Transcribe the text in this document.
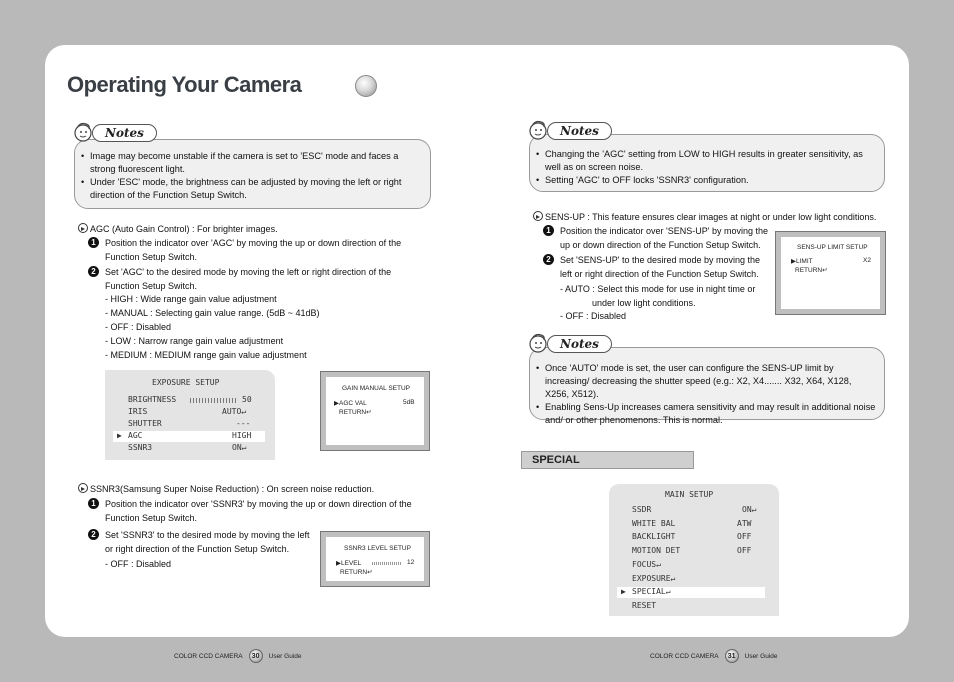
Operating Your Camera
• Image may become unstable if the camera is set to 'ESC' mode and faces a strong fluorescent light.
• Under 'ESC' mode, the brightness can be adjusted by moving the left or right direction of the Function Setup Switch.
Notes
AGC (Auto Gain Control) : For brighter images.
1	Position the indicator over 'AGC' by moving the up or down direction of the Function Setup Switch.
2	Set 'AGC' to the desired mode by moving the left or right direction of the Function Setup Switch.
- HIGH : Wide range gain value adjustment
- MANUAL : Selecting gain value range. (5dB ~ 41dB)
- OFF : Disabled
- LOW : Narrow range gain value adjustment
- MEDIUM : MEDIUM range gain value adjustment
EXPOSURE SETUP
BRIGHTNESS	50
IRIS	AUTO↵
SHUTTER	---
▶ AGC	HIGH
SSNR3	ON↵
GAIN MANUAL SETUP
▶AGC VAL	5dB
RETURN↵
SSNR3(Samsung Super Noise Reduction) : On screen noise reduction.
1	Position the indicator over 'SSNR3' by moving the up or down direction of the Function Setup Switch.
2	Set 'SSNR3' to the desired mode by moving the left or right direction of the Function Setup Switch.
- OFF : Disabled
SSNR3 LEVEL SETUP
▶LEVEL	12
RETURN↵
COLOR CCD CAMERA	30	User Guide
• Changing the 'AGC' setting from LOW to HIGH results in greater sensitivity, as well as on screen noise.
• Setting 'AGC' to OFF locks 'SSNR3' configuration.
Notes
SENS-UP : This feature ensures clear images at night or under low light conditions.
1	Position the indicator over 'SENS-UP' by moving the up or down direction of the Function Setup Switch.
2	Set 'SENS-UP' to the desired mode by moving the left or right direction of the Function Setup Switch.
- AUTO : Select this mode for use in night time or under low light conditions.
- OFF : Disabled
SENS-UP LIMIT SETUP
▶LIMIT	X2
RETURN↵
• Once 'AUTO' mode is set, the user can configure the SENS-UP limit by increasing/ decreasing the shutter speed (e.g.: X2, X4....... X32, X64, X128, X256, X512).
• Enabling Sens-Up increases camera sensitivity and may result in additional noise and/ or other phenomenons. This is normal.
Notes
SPECIAL
MAIN SETUP
SSDR	ON↵
WHITE BAL	ATW
BACKLIGHT	OFF
MOTION DET	OFF
FOCUS↵
EXPOSURE↵
▶ SPECIAL↵
RESET
COLOR CCD CAMERA	31	User Guide
